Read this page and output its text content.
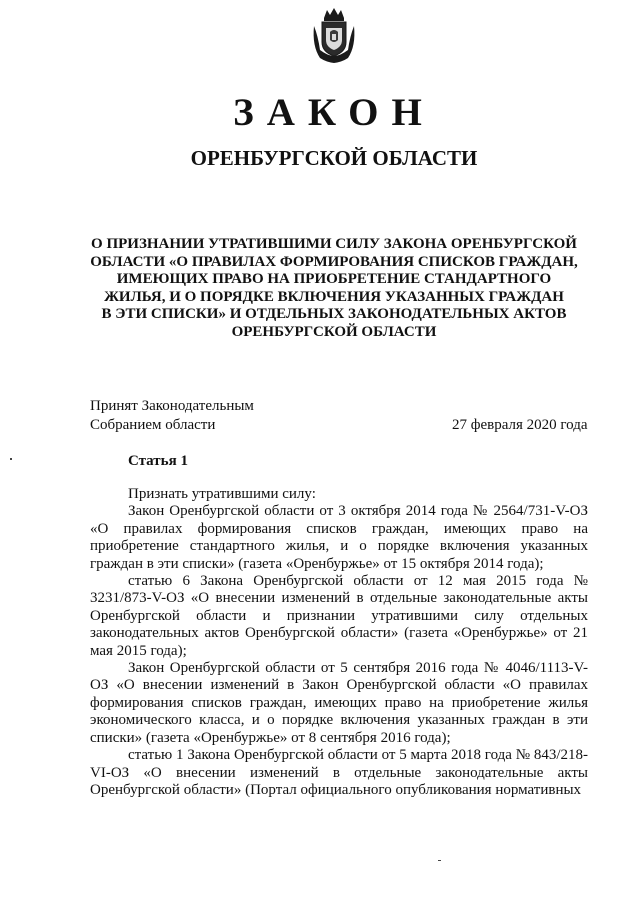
ЗАКОН
ОРЕНБУРГСКОЙ ОБЛАСТИ
О ПРИЗНАНИИ УТРАТИВШИМИ СИЛУ ЗАКОНА ОРЕНБУРГСКОЙ
ОБЛАСТИ «О ПРАВИЛАХ ФОРМИРОВАНИЯ СПИСКОВ ГРАЖДАН,
ИМЕЮЩИХ ПРАВО НА ПРИОБРЕТЕНИЕ СТАНДАРТНОГО
ЖИЛЬЯ, И О ПОРЯДКЕ ВКЛЮЧЕНИЯ УКАЗАННЫХ ГРАЖДАН
В ЭТИ СПИСКИ» И ОТДЕЛЬНЫХ ЗАКОНОДАТЕЛЬНЫХ АКТОВ
ОРЕНБУРГСКОЙ ОБЛАСТИ
Принят Законодательным
Собранием области	27 февраля 2020 года
Статья 1

Признать утратившими силу:

Закон Оренбургской области от 3 октября 2014 года № 2564/731-V-ОЗ «О правилах формирования списков граждан, имеющих право на приобретение стандартного жилья, и о порядке включения указанных граждан в эти списки» (газета «Оренбуржье» от 15 октября 2014 года);

статью 6 Закона Оренбургской области от 12 мая 2015 года № 3231/873-V-ОЗ «О внесении изменений в отдельные законодательные акты Оренбургской области и признании утратившими силу отдельных законодательных актов Оренбургской области» (газета «Оренбуржье» от 21 мая 2015 года);

Закон Оренбургской области от 5 сентября 2016 года № 4046/1113-V-ОЗ «О внесении изменений в Закон Оренбургской области «О правилах формирования списков граждан, имеющих право на приобретение жилья экономического класса, и о порядке включения указанных граждан в эти списки» (газета «Оренбуржье» от 8 сентября 2016 года);

статью 1 Закона Оренбургской области от 5 марта 2018 года № 843/218-VI-ОЗ «О внесении изменений в отдельные законодательные акты Оренбургской области» (Портал официального опубликования нормативных
